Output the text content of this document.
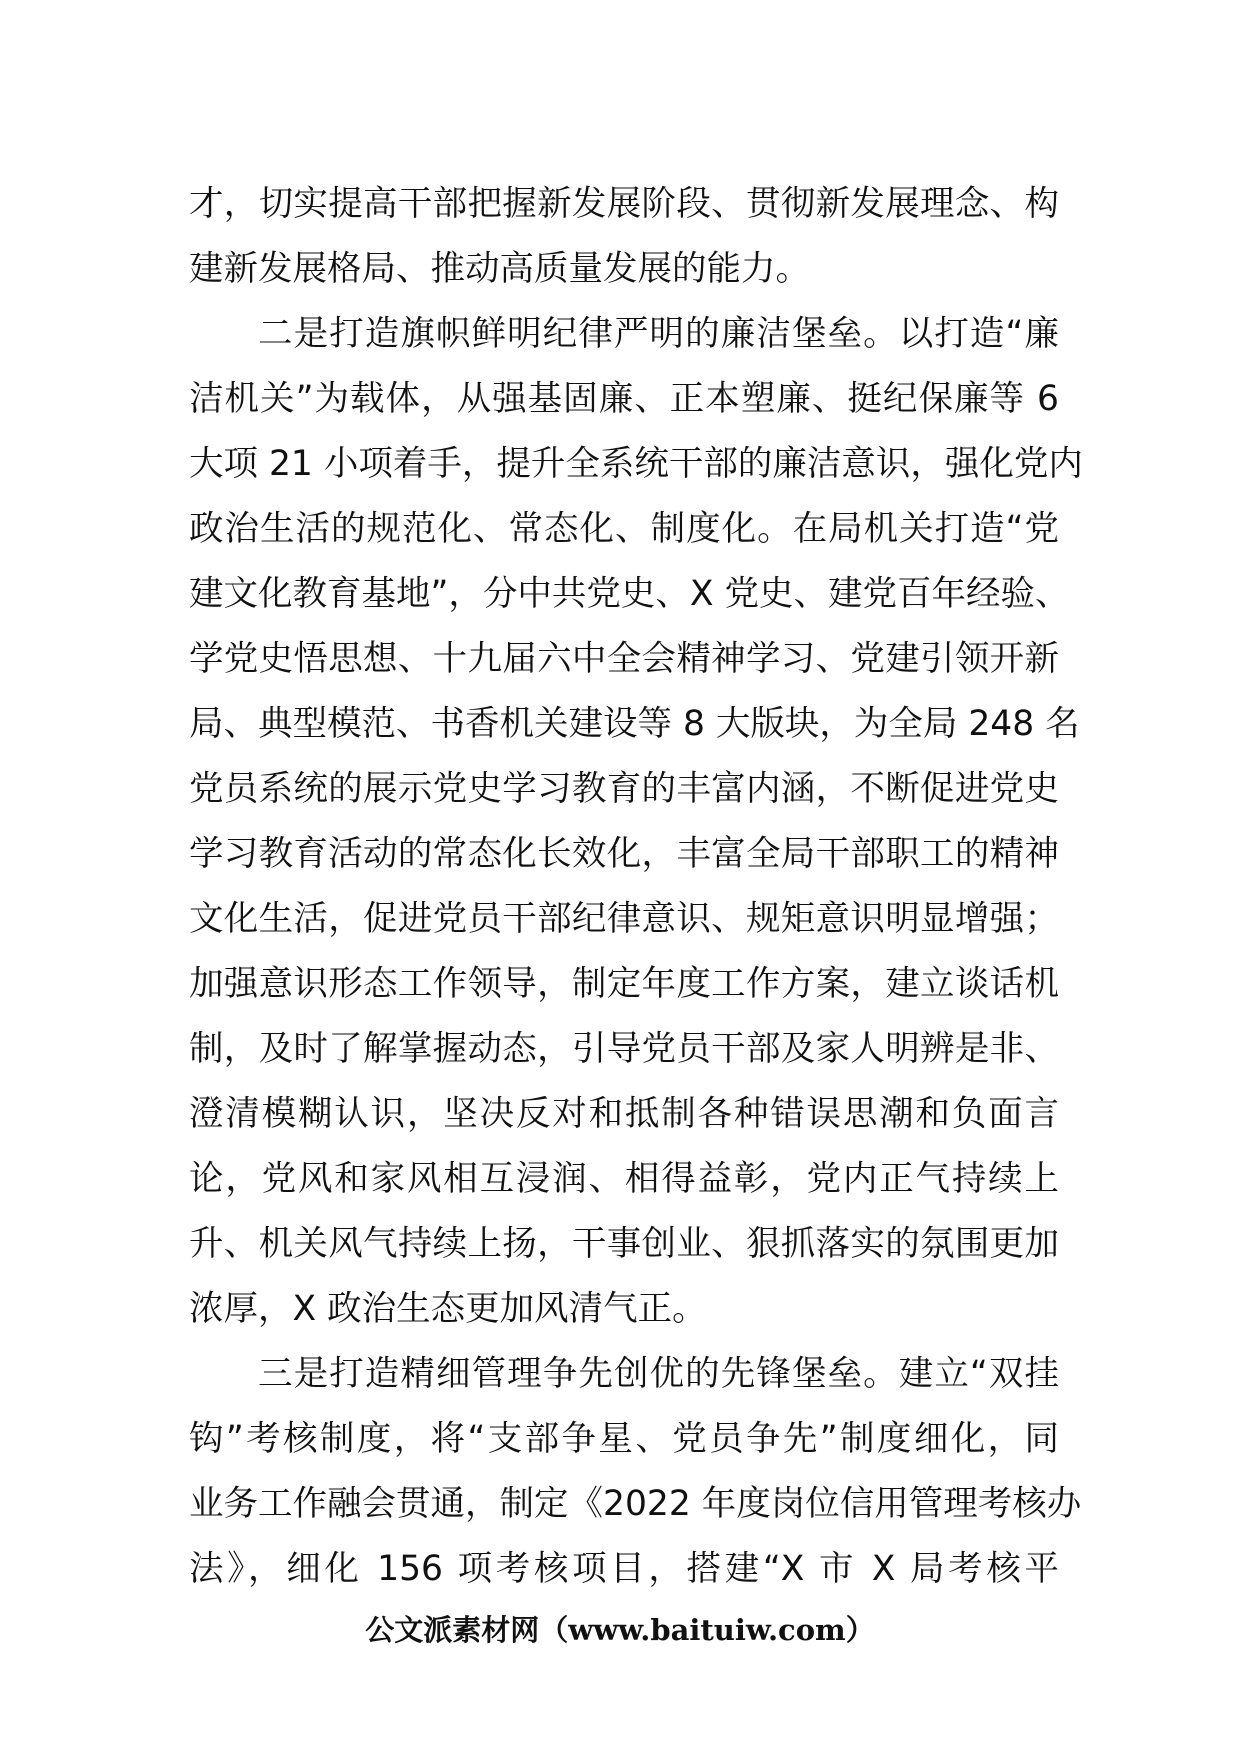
才，切实提高干部把握新发展阶段、贯彻新发展理念、构
建新发展格局、推动高质量发展的能力。
二是打造旗帜鲜明纪律严明的廉洁堡垒。以打造“廉
洁机关”为载体，从强基固廉、正本塑廉、挺纪保廉等 6
大项 21 小项着手，提升全系统干部的廉洁意识，强化党内
政治生活的规范化、常态化、制度化。在局机关打造“党
建文化教育基地”，分中共党史、X 党史、建党百年经验、
学党史悟思想、十九届六中全会精神学习、党建引领开新
局、典型模范、书香机关建设等 8 大版块，为全局 248 名
党员系统的展示党史学习教育的丰富内涵，不断促进党史
学习教育活动的常态化长效化，丰富全局干部职工的精神
文化生活，促进党员干部纪律意识、规矩意识明显增强；
加强意识形态工作领导，制定年度工作方案，建立谈话机
制，及时了解掌握动态，引导党员干部及家人明辨是非、
澄清模糊认识，坚决反对和抵制各种错误思潮和负面言
论，党风和家风相互浸润、相得益彰，党内正气持续上
升、机关风气持续上扬，干事创业、狠抓落实的氛围更加
浓厚，X 政治生态更加风清气正。
三是打造精细管理争先创优的先锋堡垒。建立“双挂
钩”考核制度，将“支部争星、党员争先”制度细化，同
业务工作融会贯通，制定《2022 年度岗位信用管理考核办
法》，细化 156 项考核项目，搭建“X 市 X 局考核平
公文派素材网（www.baituiw.com）
